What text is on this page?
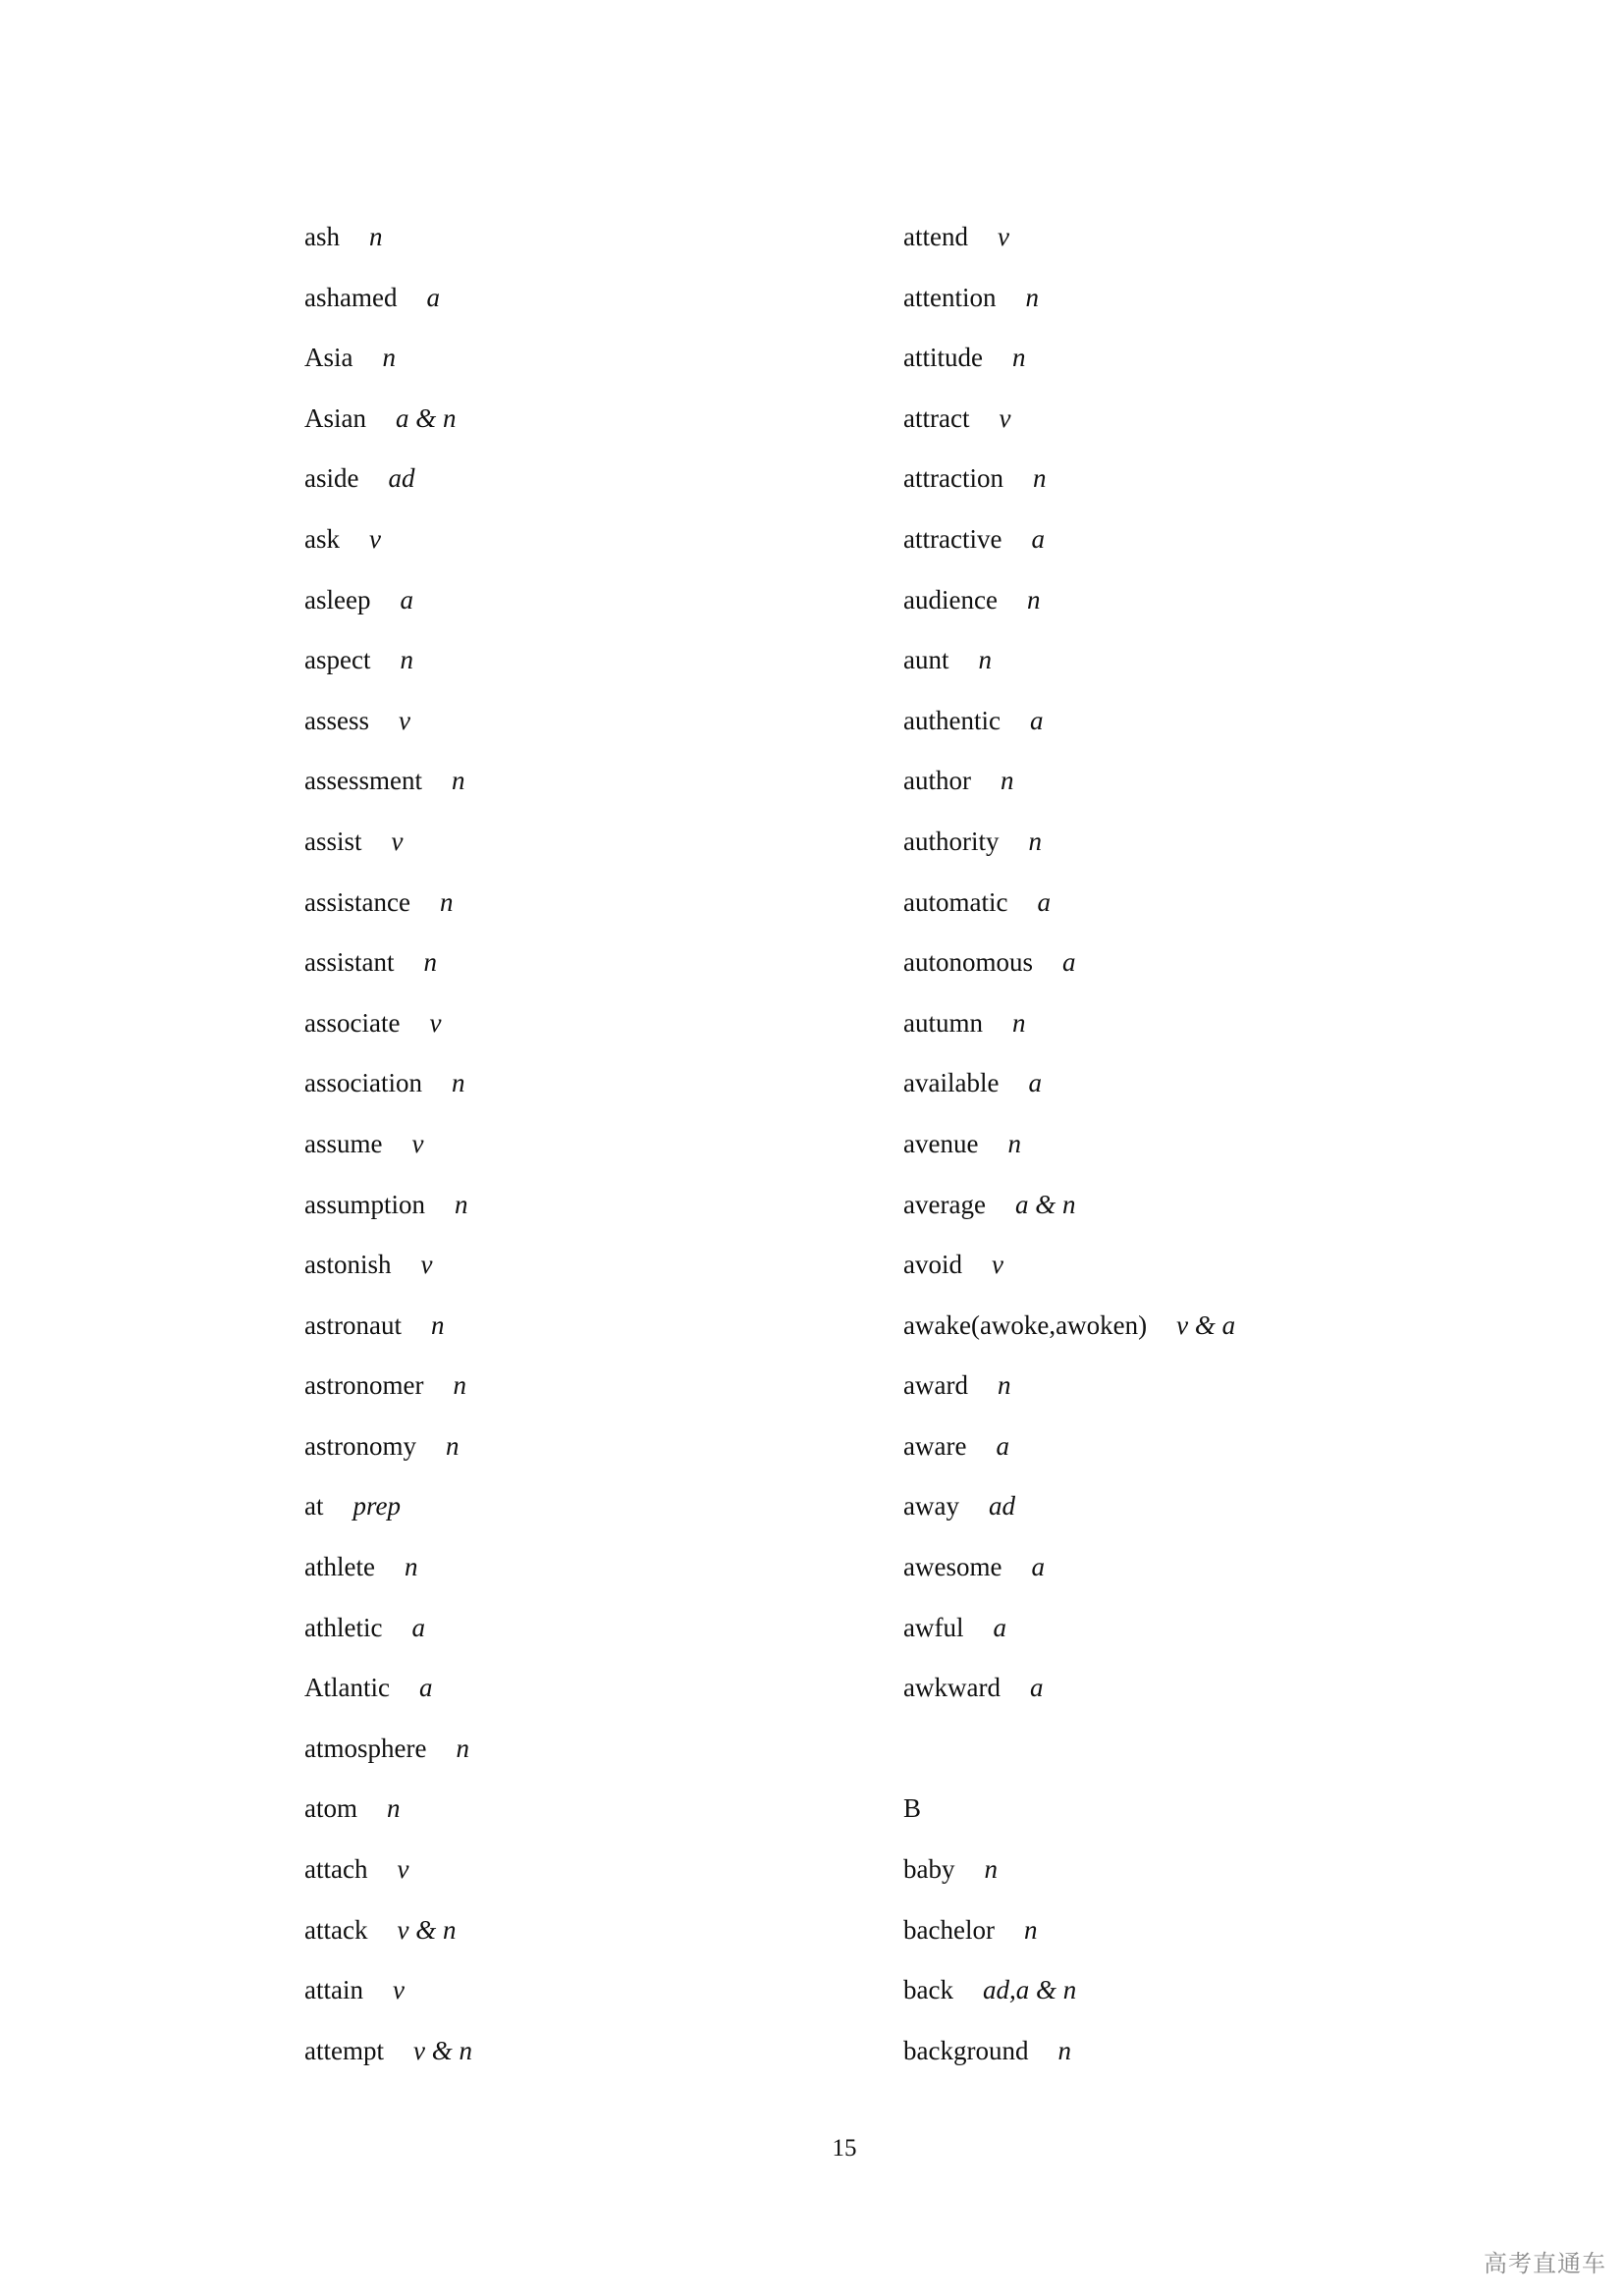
ash n
ashamed a
Asia n
Asian a & n
aside ad
ask v
asleep a
aspect n
assess v
assessment n
assist v
assistance n
assistant n
associate v
association n
assume v
assumption n
astonish v
astronaut n
astronomer n
astronomy n
at prep
athlete n
athletic a
Atlantic a
atmosphere n
atom n
attach v
attack v & n
attain v
attempt v & n
attend v
attention n
attitude n
attract v
attraction n
attractive a
audience n
aunt n
authentic a
author n
authority n
automatic a
autonomous a
autumn n
available a
avenue n
average a & n
avoid v
awake(awoke,awoken) v & a
award n
aware a
away ad
awesome a
awful a
awkward a
B
baby n
bachelor n
back ad,a & n
background n
15
高考直通车
